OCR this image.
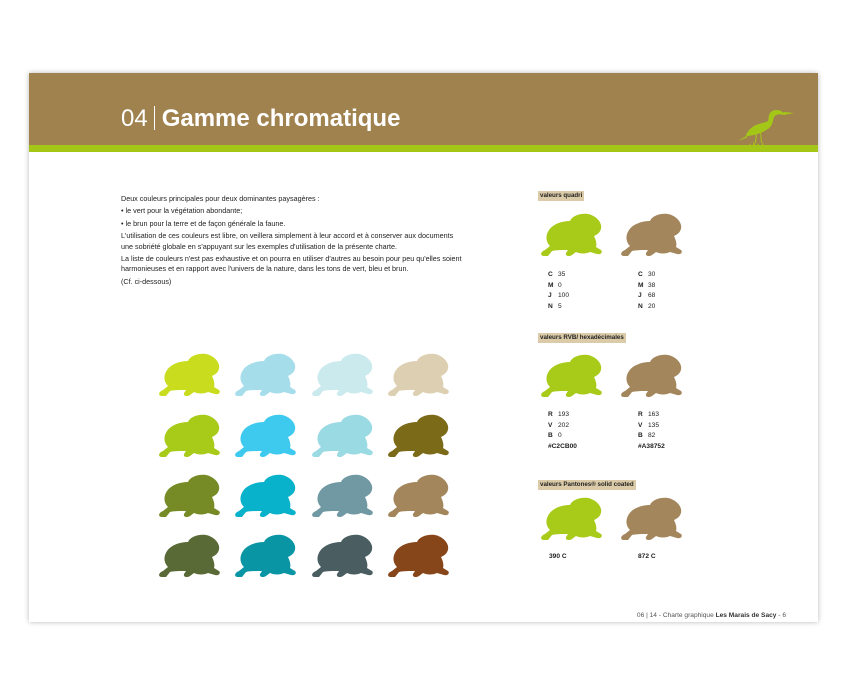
04 Gamme chromatique

Deux couleurs principales pour deux dominantes paysagères :

• le vert pour la végétation abondante;

• le brun pour la terre et de façon générale la faune.

L'utilisation de ces couleurs est libre, on veillera simplement à leur accord et à conserver aux documents une sobriété globale en s'appuyant sur les exemples d'utilisation de la présente charte.

La liste de couleurs n'est pas exhaustive et on pourra en utiliser d'autres au besoin pour peu qu'elles soient harmonieuses et en rapport avec l'univers de la nature, dans les tons de vert, bleu et brun.

(Cf. ci-dessous)

valeurs quadri
C 35
M 0
J 100
N 5
C 30
M 38
J 68
N 20
valeurs RVB/ hexadécimales
R 193
V 202
B 0
#C2CB00
R 163
V 135
B 82
#A38752
valeurs Pantones® solid coated
390 C	872 C
06 | 14 - Charte graphique Les Marais de Sacy - 6
